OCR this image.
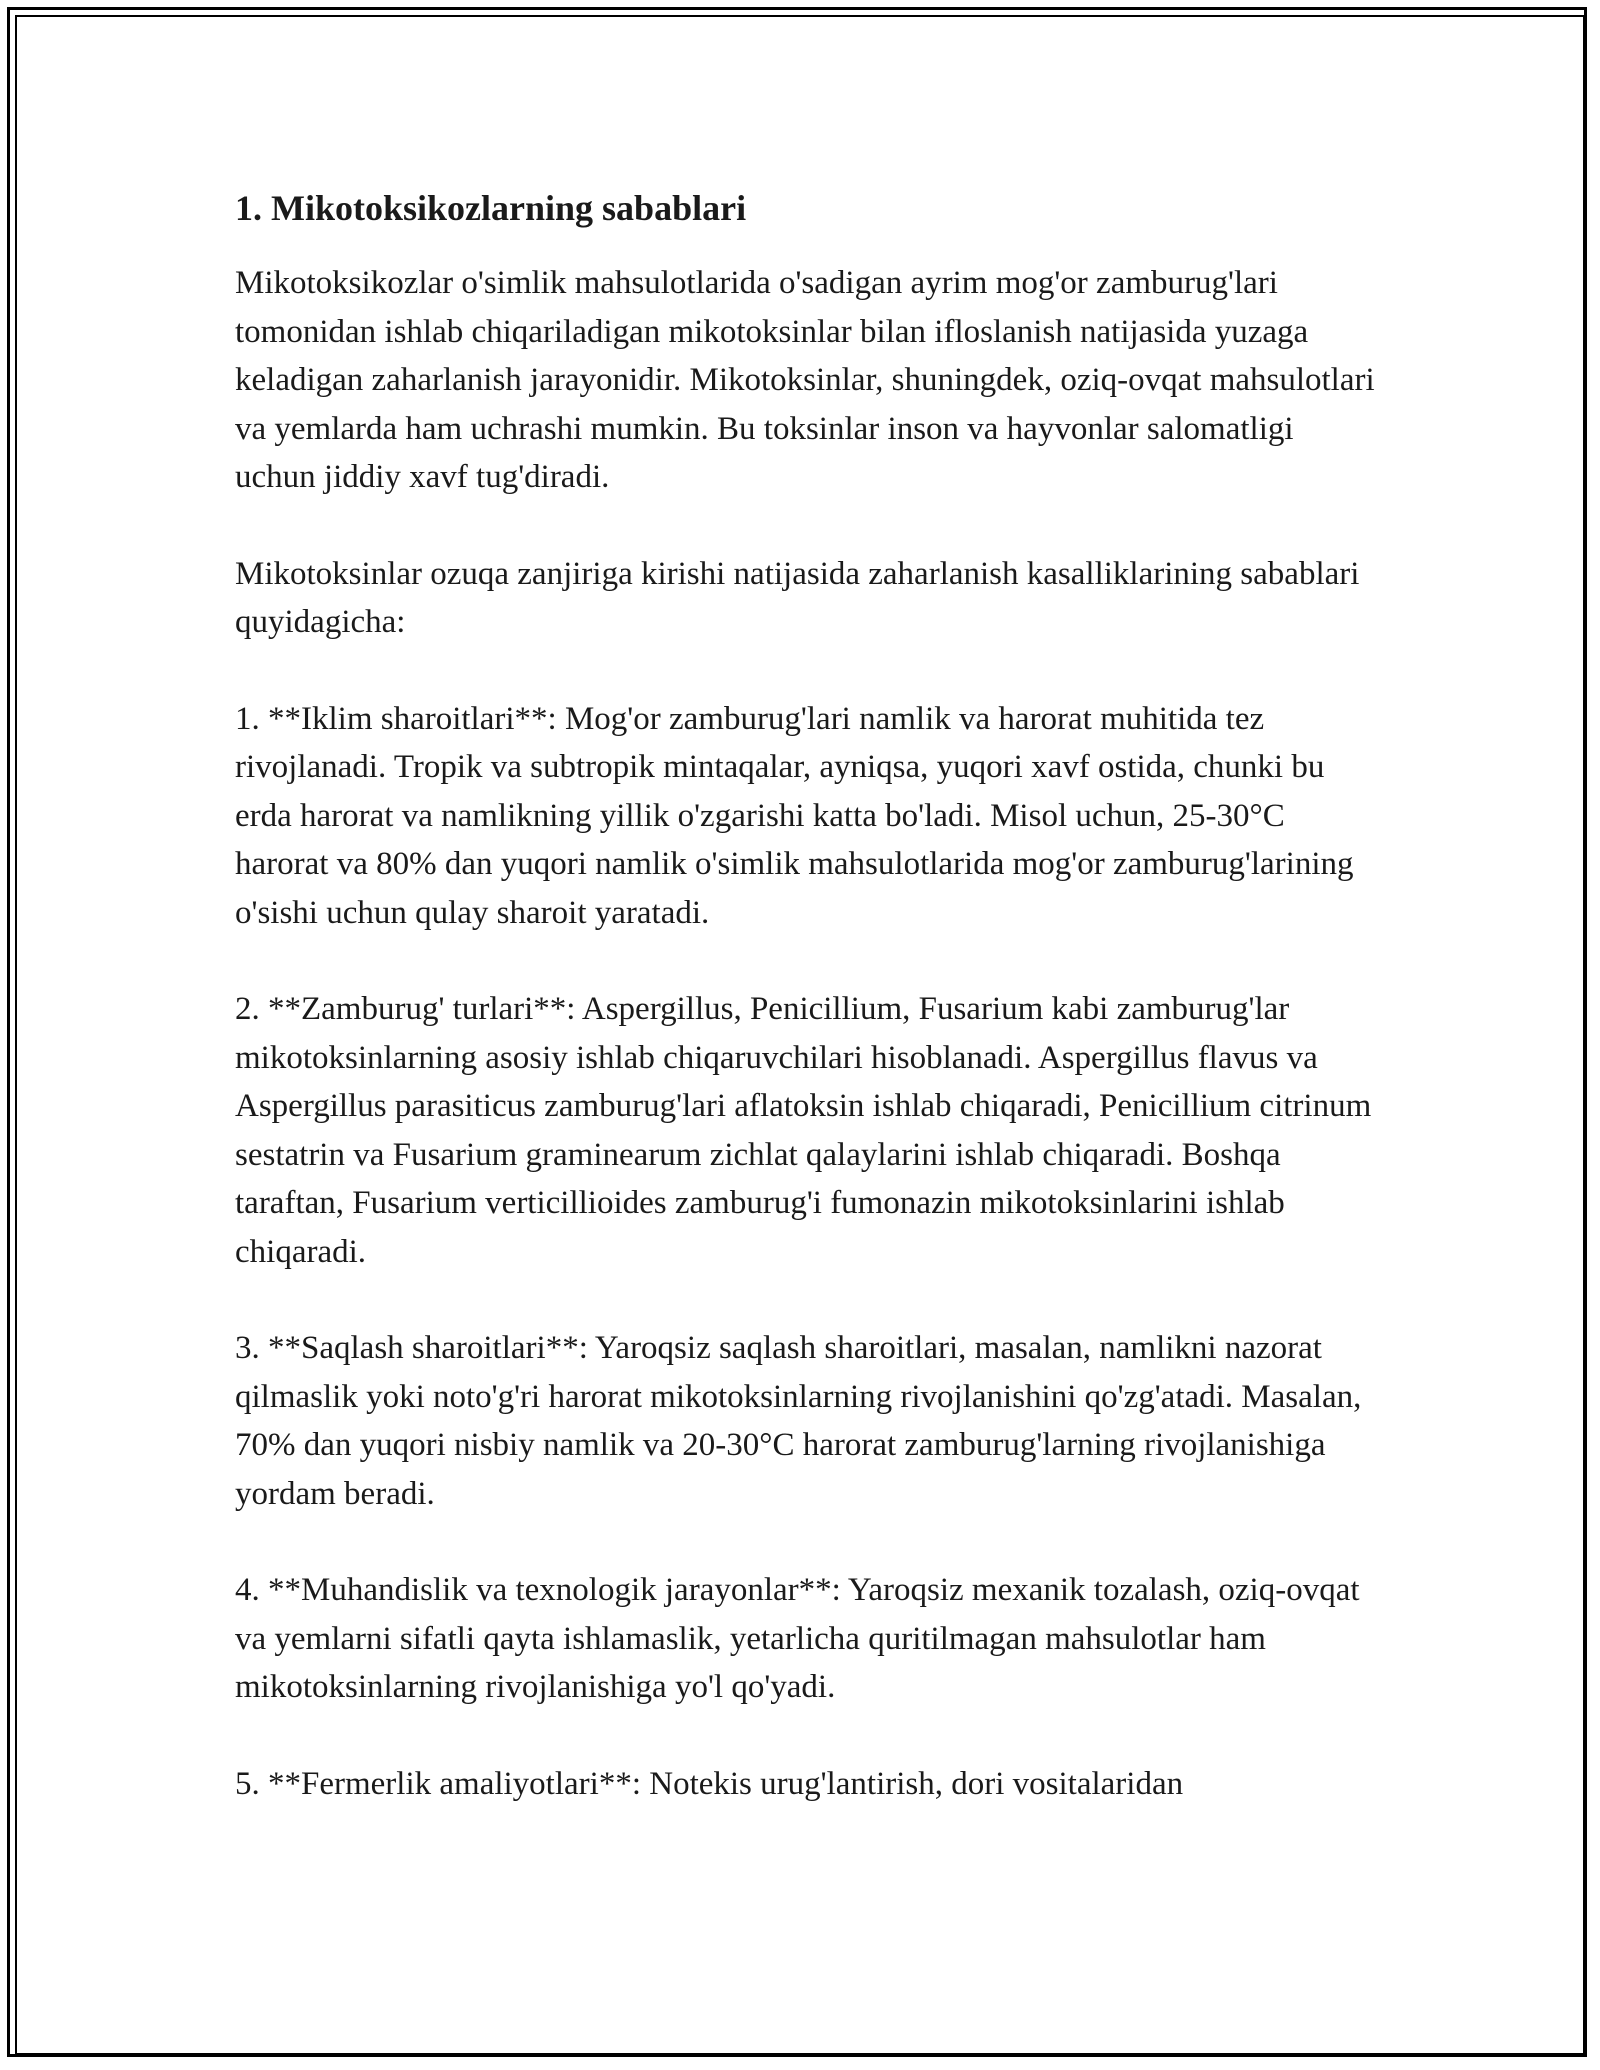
1. Mikotoksikozlarning sabablari

Mikotoksikozlar o'simlik mahsulotlarida o'sadigan ayrim mog'or zamburug'lari tomonidan ishlab chiqariladigan mikotoksinlar bilan ifloslanish natijasida yuzaga keladigan zaharlanish jarayonidir. Mikotoksinlar, shuningdek, oziq-ovqat mahsulotlari va yemlarda ham uchrashi mumkin. Bu toksinlar inson va hayvonlar salomatligi uchun jiddiy xavf tug'diradi.

Mikotoksinlar ozuqa zanjiriga kirishi natijasida zaharlanish kasalliklarining sabablari quyidagicha:

1. **Iklim sharoitlari**: Mog'or zamburug'lari namlik va harorat muhitida tez rivojlanadi. Tropik va subtropik mintaqalar, ayniqsa, yuqori xavf ostida, chunki bu erda harorat va namlikning yillik o'zgarishi katta bo'ladi. Misol uchun, 25-30°C harorat va 80% dan yuqori namlik o'simlik mahsulotlarida mog'or zamburug'larining o'sishi uchun qulay sharoit yaratadi.

2. **Zamburug' turlari**: Aspergillus, Penicillium, Fusarium kabi zamburug'lar mikotoksinlarning asosiy ishlab chiqaruvchilari hisoblanadi. Aspergillus flavus va Aspergillus parasiticus zamburug'lari aflatoksin ishlab chiqaradi, Penicillium citrinum sestatrin va Fusarium graminearum zichlat qalaylarini ishlab chiqaradi. Boshqa taraftan, Fusarium verticillioides zamburug'i fumonazin mikotoksinlarini ishlab chiqaradi.

3. **Saqlash sharoitlari**: Yaroqsiz saqlash sharoitlari, masalan, namlikni nazorat qilmaslik yoki noto'g'ri harorat mikotoksinlarning rivojlanishini qo'zg'atadi. Masalan, 70% dan yuqori nisbiy namlik va 20-30°C harorat zamburug'larning rivojlanishiga yordam beradi.

4. **Muhandislik va texnologik jarayonlar**: Yaroqsiz mexanik tozalash, oziq-ovqat va yemlarni sifatli qayta ishlamaslik, yetarlicha quritilmagan mahsulotlar ham mikotoksinlarning rivojlanishiga yo'l qo'yadi.

5. **Fermerlik amaliyotlari**: Notekis urug'lantirish, dori vositalaridan
